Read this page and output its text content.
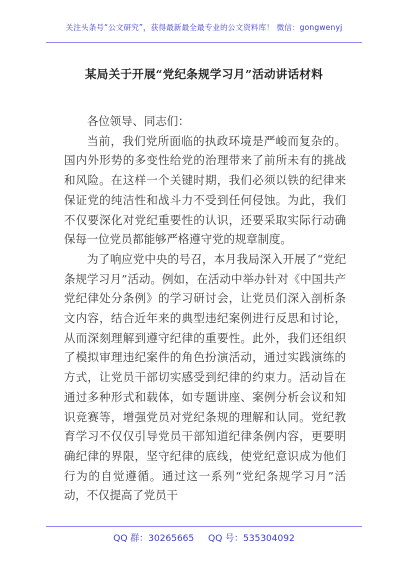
关注头条号“公文研究”，获得最新最全最专业的公文资料库！ 微信：gongwenyj
某局关于开展“党纪条规学习月”活动讲话材料

各位领导、同志们：

当前，我们党所面临的执政环境是严峻而复杂的。国内外形势的多变性给党的治理带来了前所未有的挑战和风险。在这样一个关键时期，我们必须以铁的纪律来保证党的纯洁性和战斗力不受到任何侵蚀。为此，我们不仅要深化对党纪重要性的认识，还要采取实际行动确保每一位党员都能够严格遵守党的规章制度。

为了响应党中央的号召，本月我局深入开展了“党纪条规学习月”活动。例如，在活动中举办针对《中国共产党纪律处分条例》的学习研讨会，让党员们深入剖析条文内容，结合近年来的典型违纪案例进行反思和讨论，从而深刻理解到遵守纪律的重要性。此外，我们还组织了模拟审理违纪案件的角色扮演活动，通过实践演练的方式，让党员干部切实感受到纪律的约束力。活动旨在通过多种形式和载体，如专题讲座、案例分析会议和知识竞赛等，增强党员对党纪条规的理解和认同。党纪教育学习不仅仅引导党员干部知道纪律条例内容，更要明确纪律的界限，坚守纪律的底线，使党纪意识成为他们行为的自觉遵循。通过这一系列“党纪条规学习月”活动，不仅提高了党员干

QQ 群：30265665 QQ 号：535304092
